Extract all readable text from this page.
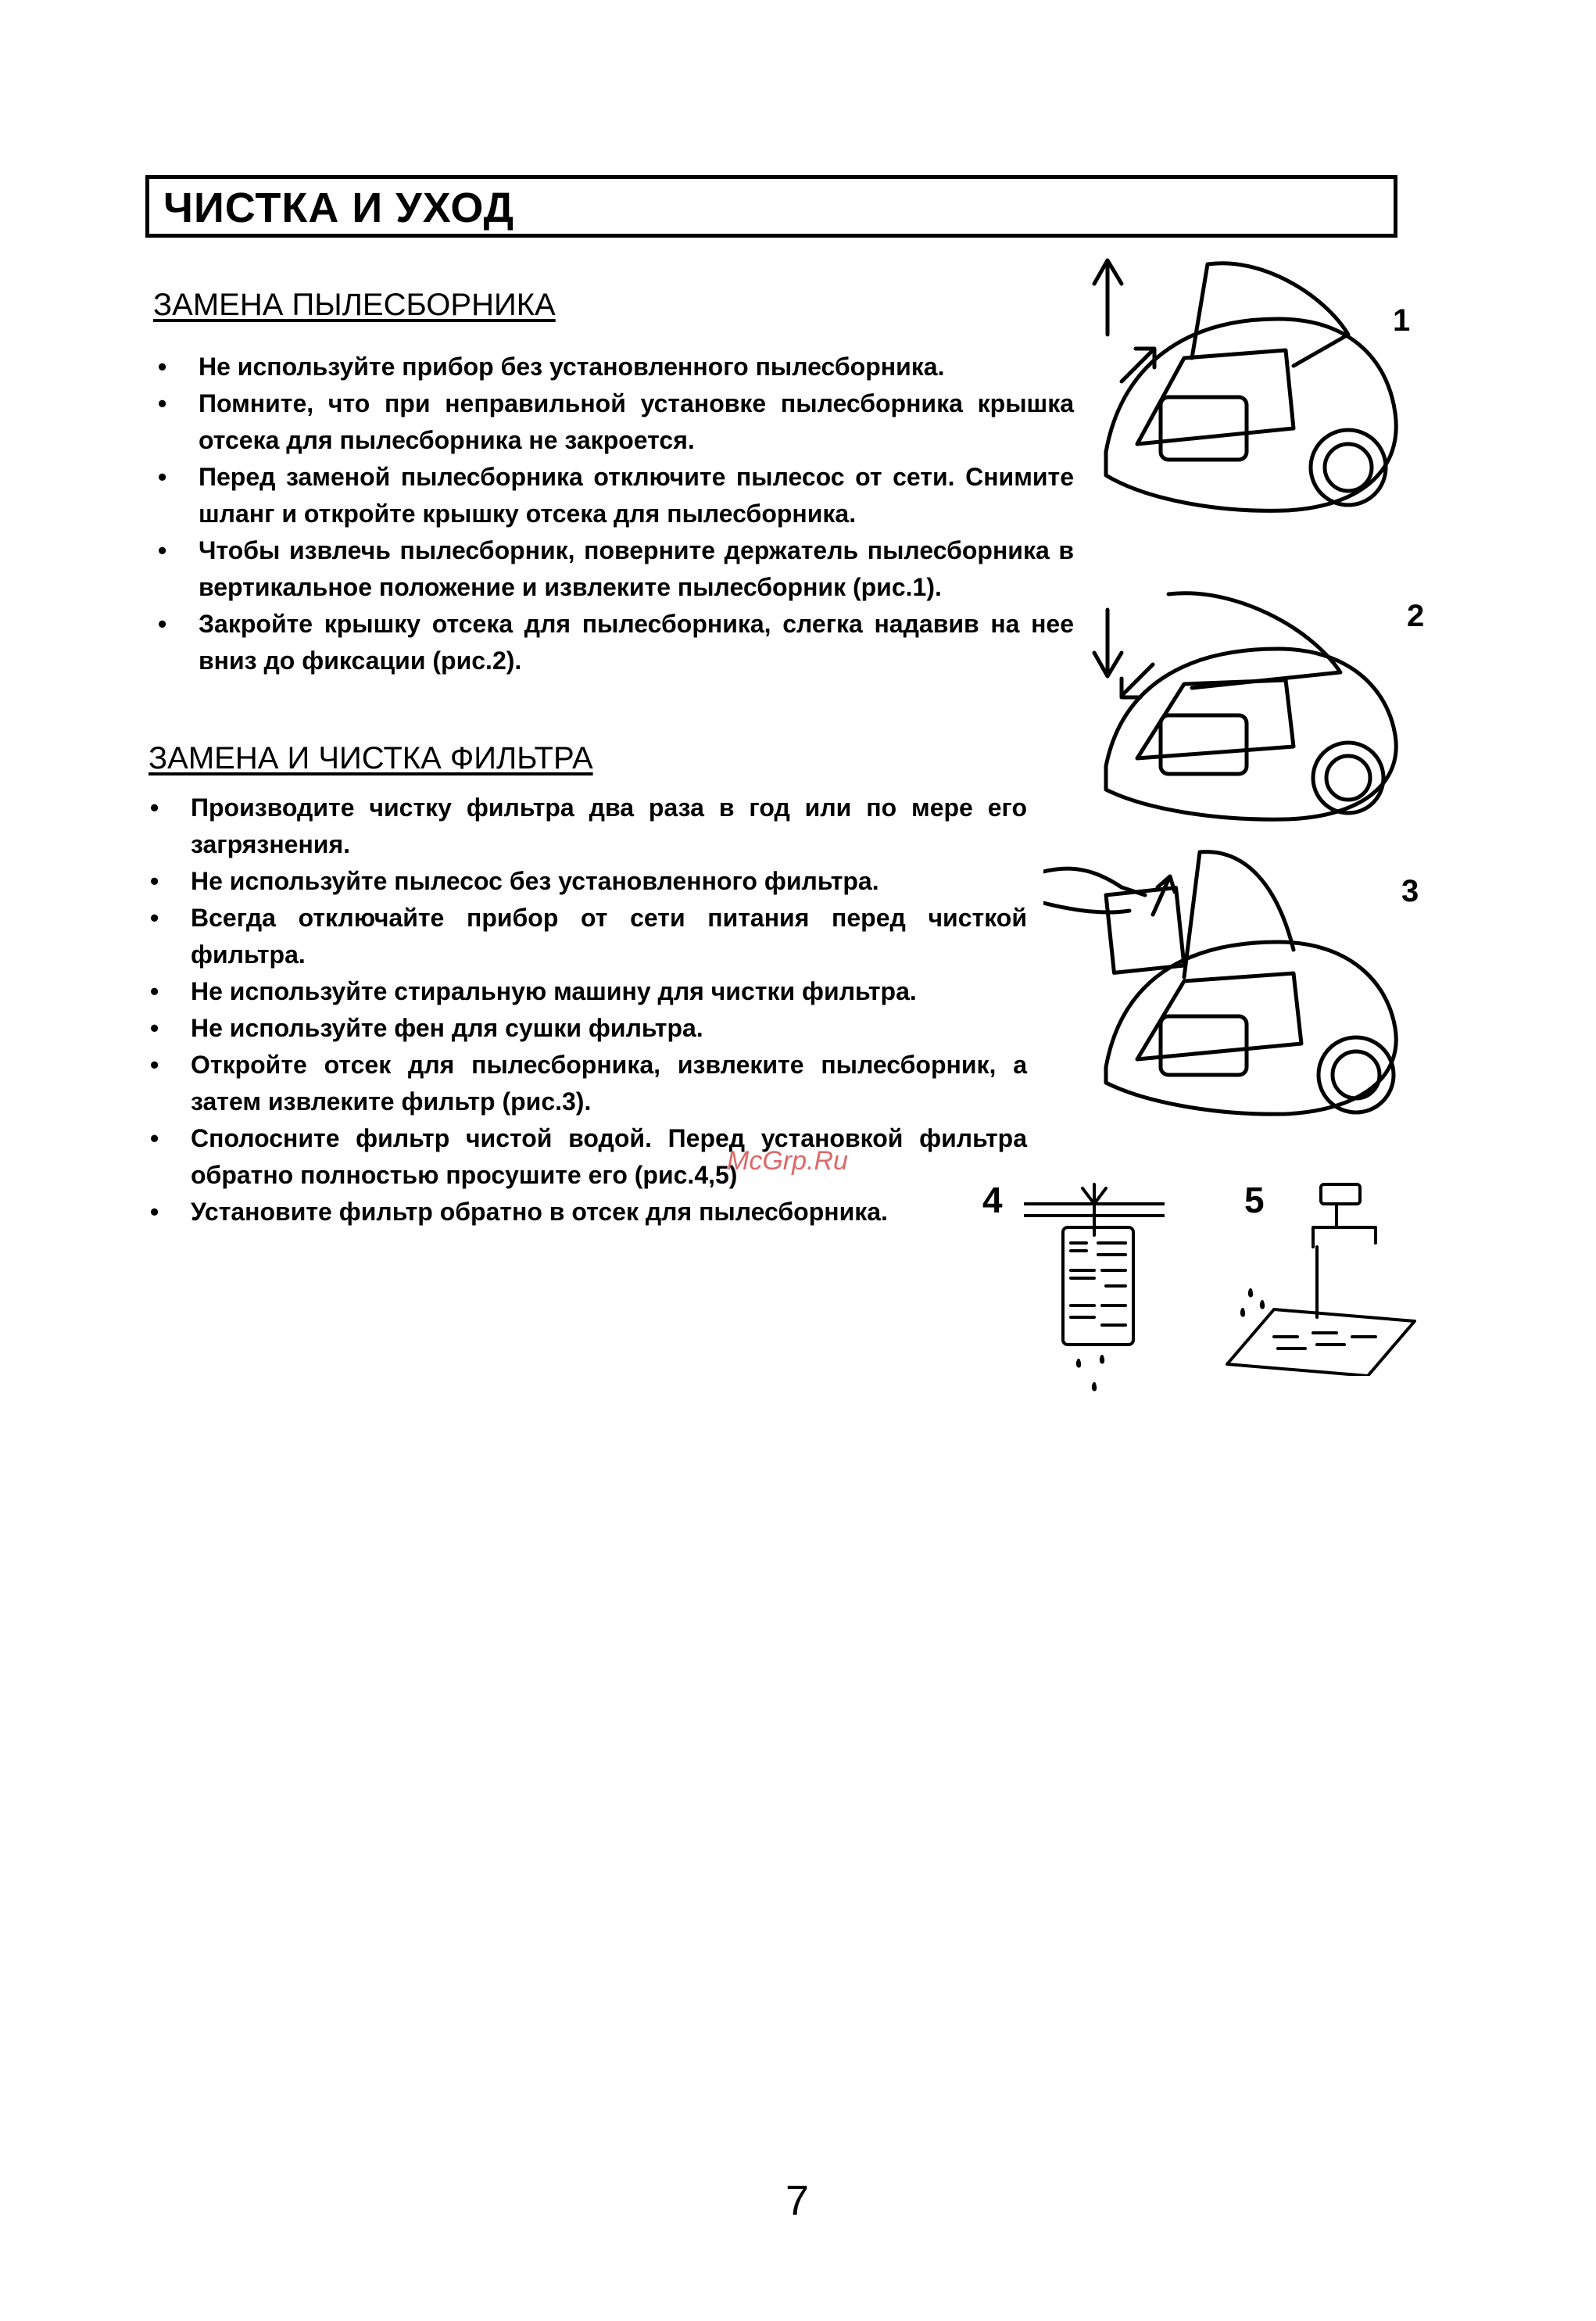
ЧИСТКА И УХОД
ЗАМЕНА ПЫЛЕСБОРНИКА
• Не используйте прибор без установленного пылесборника.
• Помните, что при неправильной установке пылесборника крышка отсека для пылесборника не закроется.
• Перед заменой пылесборника отключите пылесос от сети. Снимите шланг и откройте крышку отсека для пылесборника.
• Чтобы извлечь пылесборник, поверните держатель пылесборника в вертикальное положение и извлеките пылесборник (рис.1).
• Закройте крышку отсека для пылесборника, слегка надавив на нее вниз до фиксации (рис.2).
ЗАМЕНА И ЧИСТКА ФИЛЬТРА
• Производите чистку фильтра два раза в год или по мере его загрязнения.
• Не используйте пылесос без установленного фильтра.
• Всегда отключайте прибор от сети питания перед чисткой фильтра.
• Не используйте стиральную машину для чистки фильтра.
• Не используйте фен для сушки фильтра.
• Откройте отсек для пылесборника, извлеките пылесборник, а затем извлеките фильтр (рис.3).
• Сполосните фильтр чистой водой. Перед установкой фильтра обратно полностью просушите его (рис.4,5)
• Установите фильтр обратно в отсек для пылесборника.
1
2
3
4	5
McGrp.Ru
7
